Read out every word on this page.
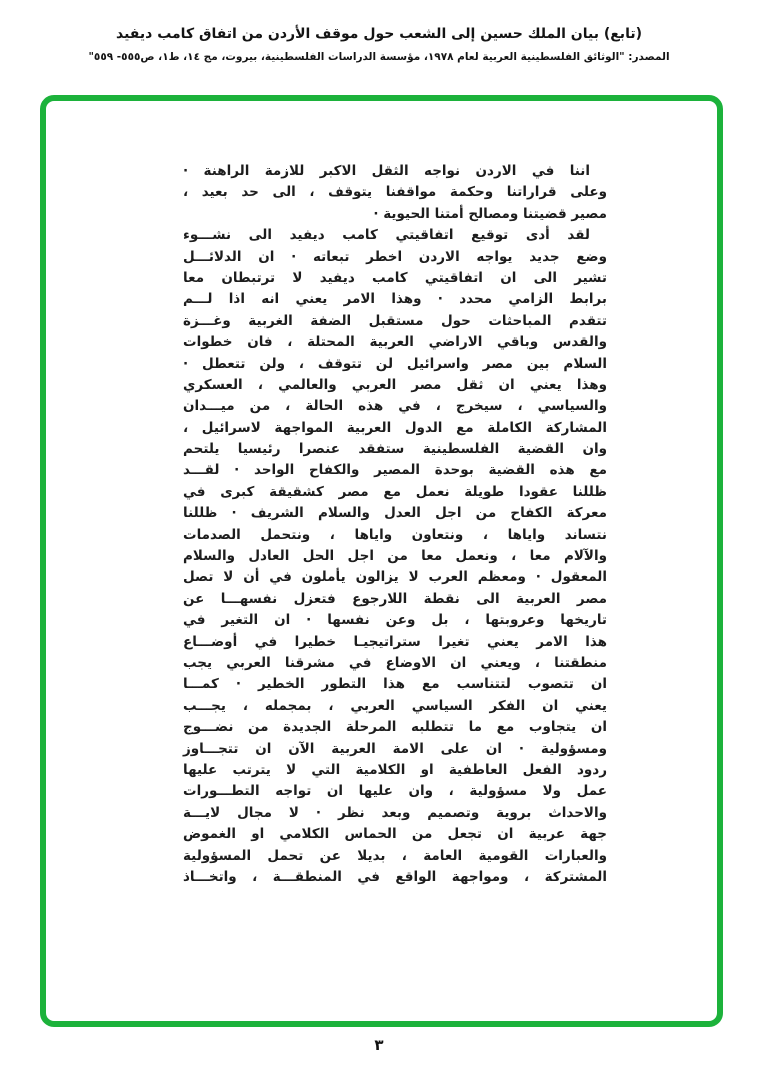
(تابع) بيان الملك حسين إلى الشعب حول موقف الأردن من اتفاق كامب ديفيد
المصدر: "الوثائق الفلسطينية العربية لعام ١٩٧٨، مؤسسة الدراسات الفلسطينية، بيروت، مج ١٤، ط١، ص٥٥٥- ٥٥٩"
اننا في الاردن نواجه الثقل الاكبر للازمة الراهنة ·
وعلى قراراتنا وحكمة مواقفنا يتوقف ، الى حد بعيد ،
مصير قضيتنا ومصالح أمتنا الحيوية ·
لقد أدى توقيع اتفاقيتي كامب ديفيد الى نشـــوء
وضع جديد يواجه الاردن اخطر تبعاته · ان الدلائـــل
تشير الى ان اتفاقيتي كامب ديفيد لا ترتبطان معا
برابط الزامي محدد · وهذا الامر يعني انه اذا لـــم
تتقدم المباحثات حول مستقبل الضفة الغربية وغـــزة
والقدس وباقي الاراضي العربية المحتلة ، فان خطوات
السلام بين مصر واسرائيل لن تتوقف ، ولن تتعطل ·
وهذا يعني ان ثقل مصر العربي والعالمي ، العسكري
والسياسي ، سيخرج ، في هذه الحالة ، من ميـــدان
المشاركة الكاملة مع الدول العربية المواجهة لاسرائيل ،
وان القضية الفلسطينية ستفقد عنصرا رئيسيا يلتحم
مع هذه القضية بوحدة المصير والكفاح الواحد · لقـــد
ظللنا عقودا طويلة نعمل مع مصر كشقيقة كبرى في
معركة الكفاح من اجل العدل والسلام الشريف · ظللنا
نتساند واياها ، ونتعاون واياها ، ونتحمل الصدمات
والآلام معا ، ونعمل معا من اجل الحل العادل والسلام
المعقول · ومعظم العرب لا يزالون يأملون في أن لا تصل
مصر العربية الى نقطة اللارجوع فتعزل نفسهـــا عن
تاريخها وعروبتها ، بل وعن نفسها · ان التغير في
هذا الامر يعني تغيرا ستراتيجيـا خطيرا في أوضـــاع
منطقتنا ، ويعني ان الاوضاع في مشرقنا العربي يجب
ان تتصوب لتتناسب مع هذا التطور الخطير · كمـــا
يعني ان الفكر السياسي العربي ، بمجمله ، يجـــب
ان يتجاوب مع ما تتطلبه المرحلة الجديدة من نضـــوج
ومسؤولية · ان على الامة العربية الآن ان تتجـــاوز
ردود الفعل العاطفية او الكلامية التي لا يترتب عليها
عمل ولا مسؤولية ، وان عليها ان تواجه التطـــورات
والاحداث بروية وتصميم وبعد نظر · لا مجال لايـــة
جهة عربية ان تجعل من الحماس الكلامي او الغموض
والعبارات القومية العامة ، بديلا عن تحمل المسؤولية
المشتركة ، ومواجهة الواقع في المنطقـــة ، واتخـــاذ
٣
